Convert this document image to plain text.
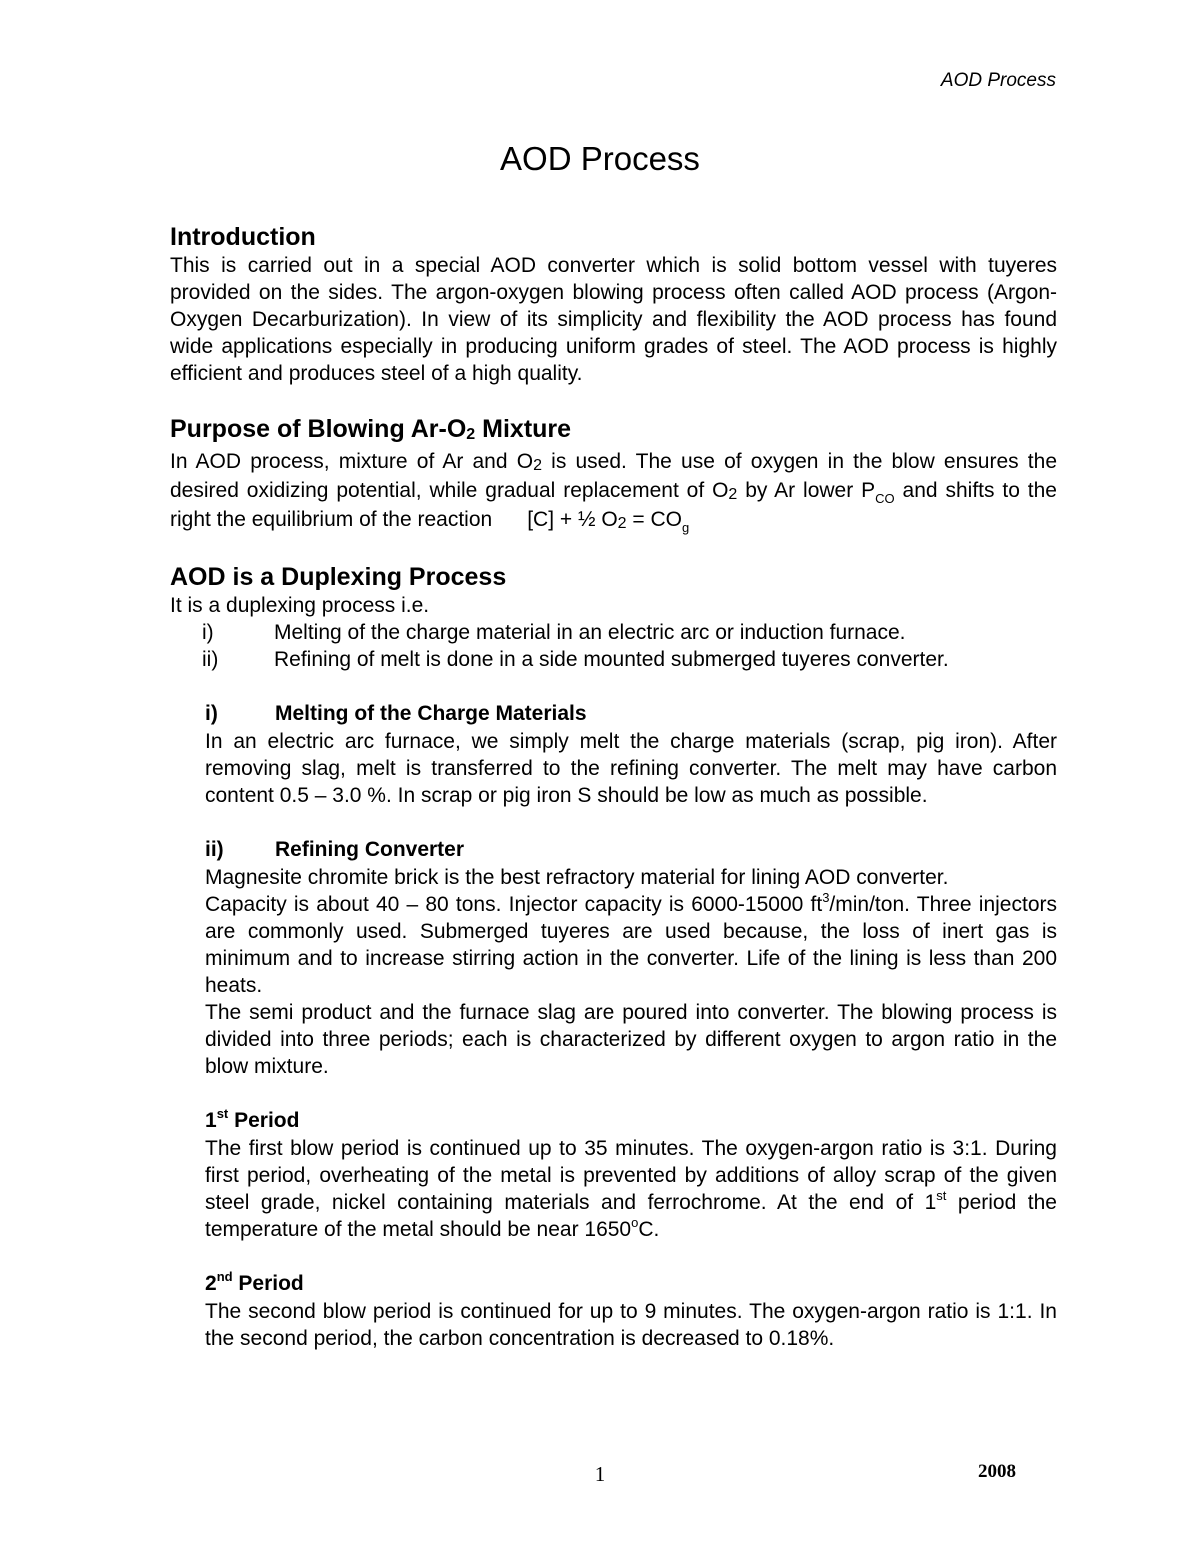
AOD Process
AOD Process
Introduction

This is carried out in a special AOD converter which is solid bottom vessel with tuyeres provided on the sides. The argon-oxygen blowing process often called AOD process (Argon-Oxygen Decarburization). In view of its simplicity and flexibility the AOD process has found wide applications especially in producing uniform grades of steel. The AOD process is highly efficient and produces steel of a high quality.

Purpose of Blowing Ar-O2 Mixture

In AOD process, mixture of Ar and O2 is used. The use of oxygen in the blow ensures the desired oxidizing potential, while gradual replacement of O2 by Ar lower $P_{CO}$ and shifts to the right the equilibrium of the reaction [C] + ½ $O2 = CO_g$

AOD is a Duplexing Process

It is a duplexing process i.e.

i)	Melting of the charge material in an electric arc or induction furnace.
ii)	Refining of melt is done in a side mounted submerged tuyeres converter.
i)	Melting of the Charge Materials

In an electric arc furnace, we simply melt the charge materials (scrap, pig iron). After removing slag, melt is transferred to the refining converter. The melt may have carbon content 0.5 – 3.0 %. In scrap or pig iron S should be low as much as possible.

ii) Refining Converter

Magnesite chromite brick is the best refractory material for lining AOD converter.

Capacity is about 40 – 80 tons. Injector capacity is 6000-15000 $ft^3/\min$/ton. Three injectors are commonly used. Submerged tuyeres are used because, the loss of inert gas is minimum and to increase stirring action in the converter. Life of the lining is less than 200 heats.

The semi product and the furnace slag are poured into converter. The blowing process is divided into three periods; each is characterized by different oxygen to argon ratio in the blow mixture.

1st Period

The first blow period is continued up to 35 minutes. The oxygen-argon ratio is 3:1. During first period, overheating of the metal is prevented by additions of alloy scrap of the given steel grade, nickel containing materials and ferrochrome. At the end of 1st period the temperature of the metal should be near 1650$^o$C.

2nd Period

The second blow period is continued for up to 9 minutes. The oxygen-argon ratio is 1:1. In the second period, the carbon concentration is decreased to 0.18%.

1	2008
